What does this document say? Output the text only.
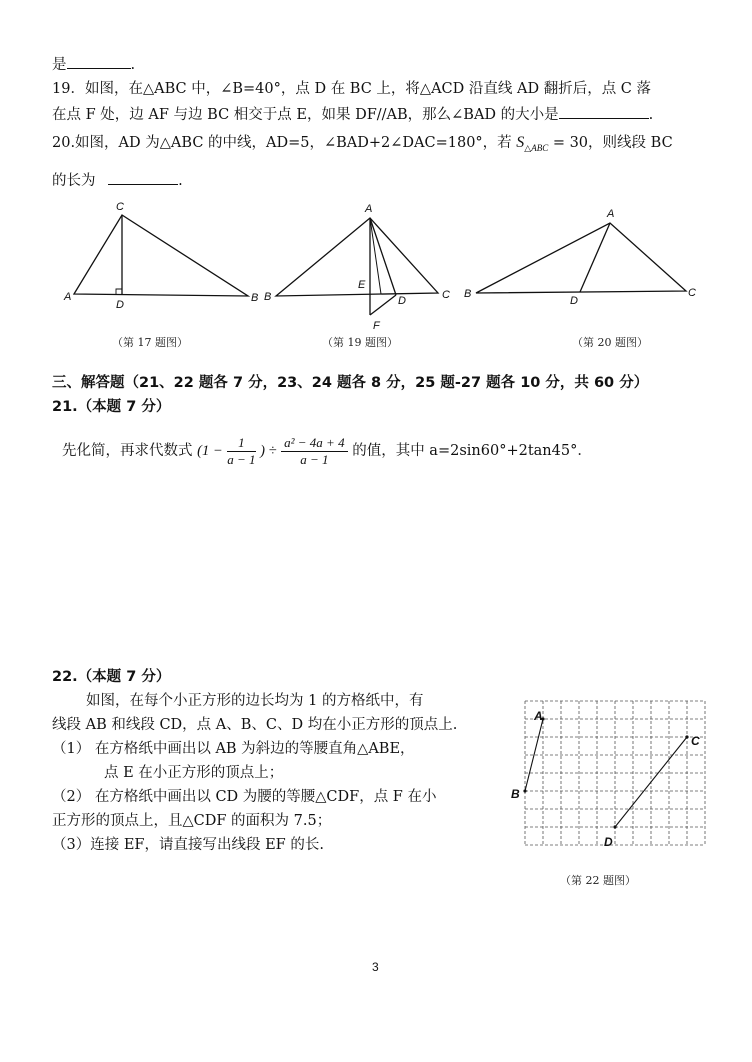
是	.
19．如图，在△ABC 中，∠B=40°，点 D 在 BC 上，将△ACD 沿直线 AD 翻折后，点 C 落
在点 F 处，边 AF 与边 BC 相交于点 E，如果 DF//AB，那么∠BAD 的大小是	.
20.如图，AD 为△ABC 的中线，AD=5，∠BAD+2∠DAC=180°，若 $S_{\triangle ABC} = 30$，则线段 BC
的长为	.
C
A
D
B
A
B
E
D	C
F
A
B
D
C
（第 17 题图）	（第 19 题图）	（第 20 题图）
三、解答题（21、22 题各 7 分，23、24 题各 8 分，25 题-27 题各 10 分，共 60 分）
21.（本题 7 分）
先化简，再求代数式 ($1 - \frac{1}{a - 1}$ ) ÷ $\frac{\text{a² − 4a + 4}}{a - 1}$ 的值，其中 a=2sin60°+2tan45°．
22.（本题 7 分）
如图，在每个小正方形的边长均为 1 的方格纸中，有
线段 AB 和线段 CD，点 A、B、C、D 均在小正方形的顶点上.
（1） 在方格纸中画出以 AB 为斜边的等腰直角△ABE，
点 E 在小正方形的顶点上；
（2） 在方格纸中画出以 CD 为腰的等腰△CDF，点 F 在小
正方形的顶点上，且△CDF 的面积为 7.5；
（3）连接 EF，请直接写出线段 EF 的长.
A
B
C
D
（第 22 题图）
3
